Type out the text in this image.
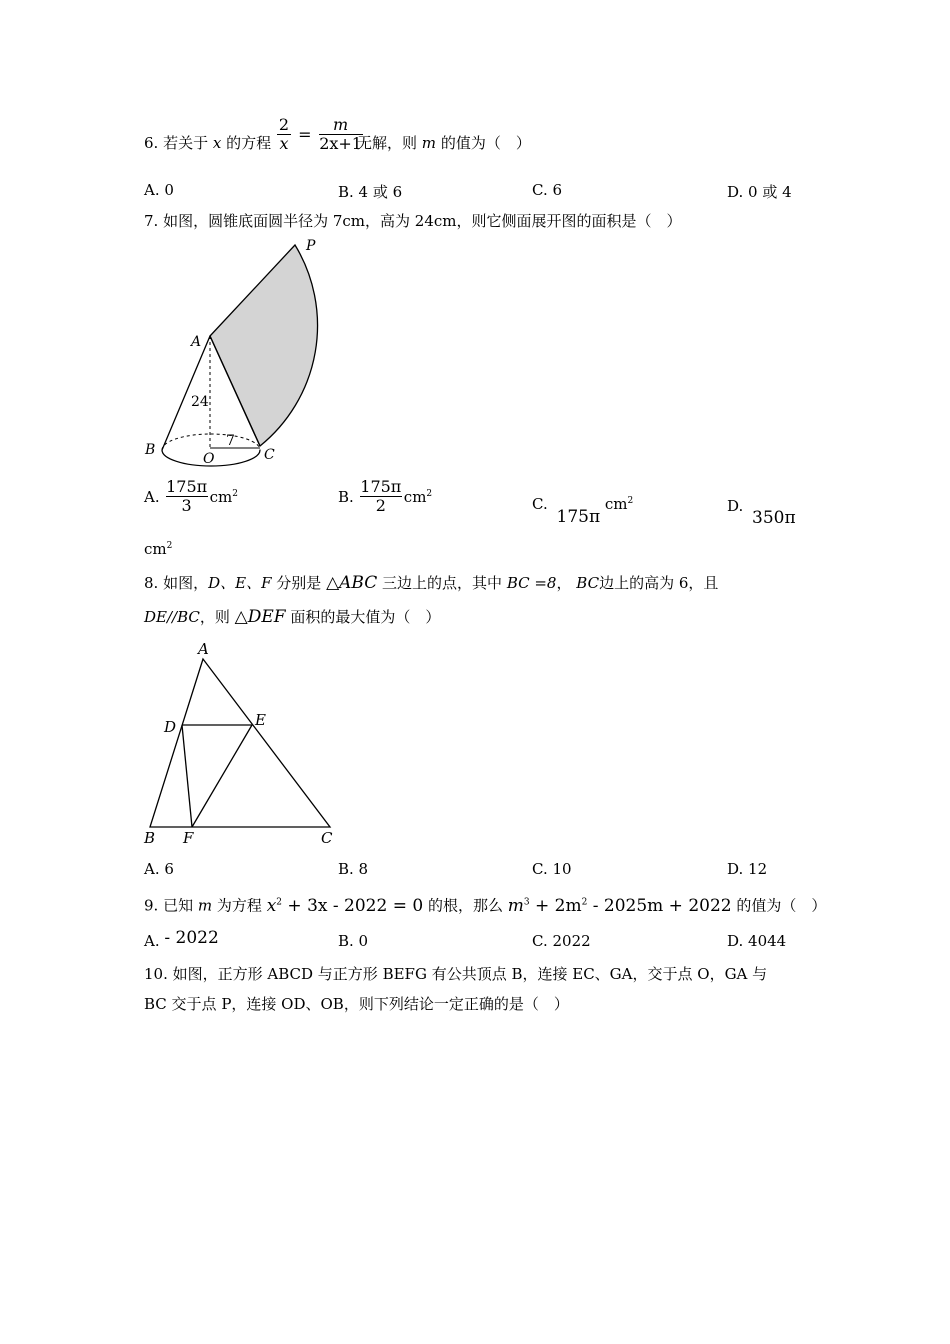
6. 若关于 x 的方程 $\frac{2}{x} = \frac{m}{2x+1}$
无解，则 m 的值为（　）
A. 0	B. 4 或 6	C. 6	D. 0 或 4
7. 如图，圆锥底面圆半径为 7cm，高为 24cm，则它侧面展开图的面积是（　）
P
A
B
O	C
24
7
A. $\frac{175\pi}{3} cm^2$	B. $\frac{175\pi}{2} cm^2$
C. 175π $cm^2$	D. 350π
$cm^2$
8. 如图，D、E、F 分别是 △ABC 三边上的点，其中 BC =8， BC边上的高为 6，且
DE//BC，则 △DEF 面积的最大值为（　）
A
D	E
B F	C
A. 6	B. 8	C. 10	D. 12
9. 已知 m 为方程 $x^2 + 3x - 2022 = 0$ 的根，那么 $m^3 + 2m^2 - 2025m + 2022$ 的值为（　）
A. - 2022	B. 0	C. 2022	D. 4044
10. 如图，正方形 ABCD 与正方形 BEFG 有公共顶点 B，连接 EC、GA，交于点 O，GA 与
BC 交于点 P，连接 OD、OB，则下列结论一定正确的是（　）
